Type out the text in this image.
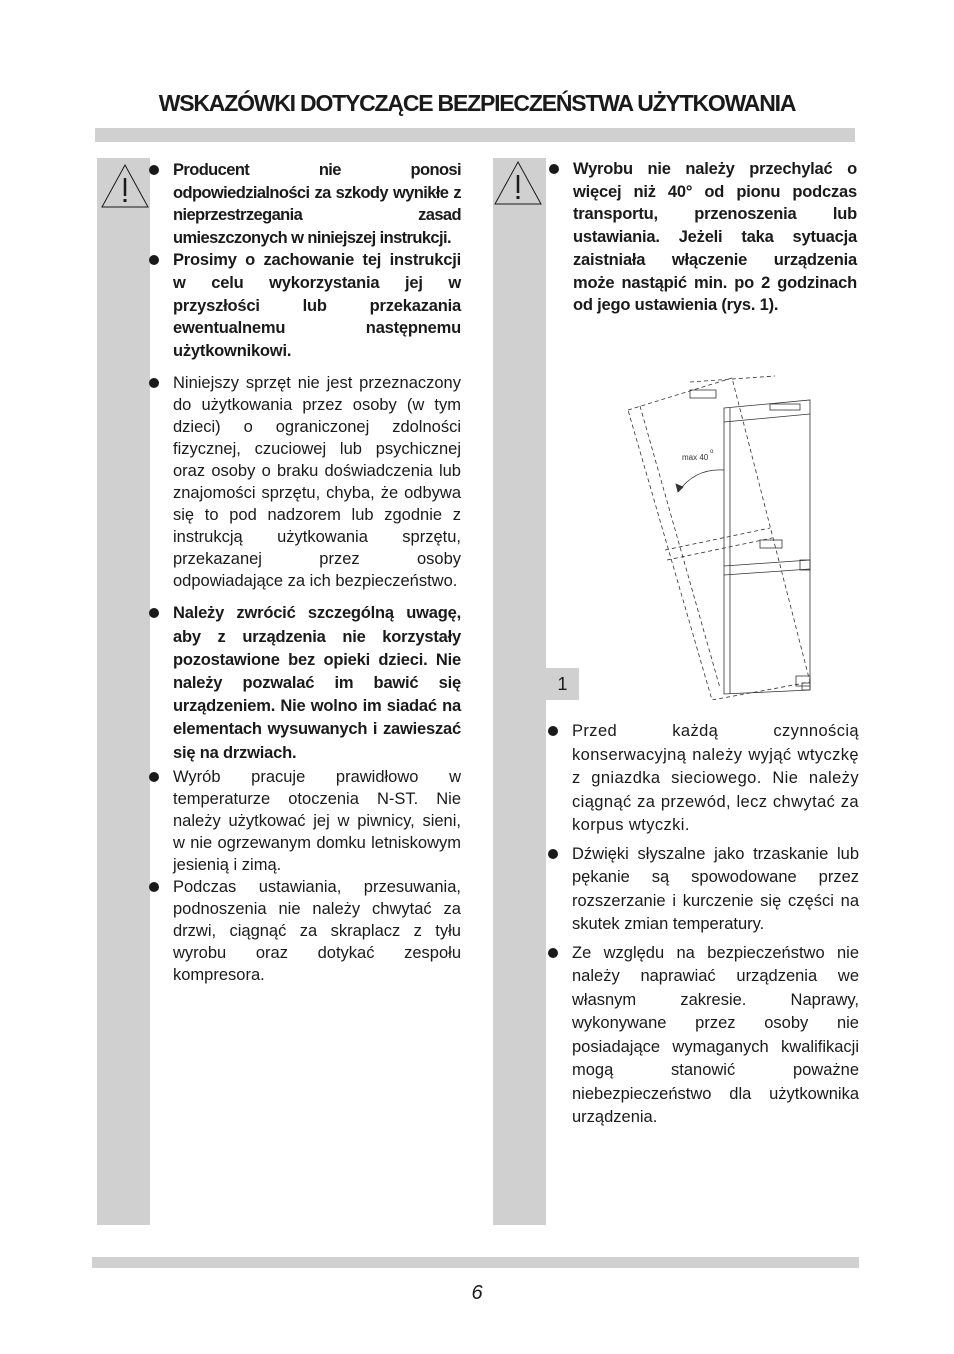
WSKAZÓWKI DOTYCZĄCE BEZPIECZEŃSTWA UŻYTKOWANIA
Producent nie ponosi odpowiedzialności za szkody wynikłe z nieprzestrzegania zasad umieszczonych w niniejszej instrukcji.
Prosimy o zachowanie tej instrukcji w celu wykorzystania jej w przyszłości lub przekazania ewentualnemu następnemu użytkownikowi.
Niniejszy sprzęt nie jest przeznaczony do użytkowania przez osoby (w tym dzieci) o ograniczonej zdolności fizycznej, czuciowej lub psychicznej oraz osoby o braku doświadczenia lub znajomości sprzętu, chyba, że odbywa się to pod nadzorem lub zgodnie z instrukcją użytkowania sprzętu, przekazanej przez osoby odpowiadające za ich bezpieczeństwo.
Należy zwrócić szczególną uwagę, aby z urządzenia nie korzystały pozostawione bez opieki dzieci. Nie należy pozwalać im bawić się urządzeniem. Nie wolno im siadać na elementach wysuwanych i zawieszać się na drzwiach.
Wyrób pracuje prawidłowo w temperaturze otoczenia N-ST. Nie należy użytkować jej w piwnicy, sieni, w nie ogrzewanym domku letniskowym jesienią i zimą.
Podczas ustawiania, przesuwania, podnoszenia nie należy chwytać za drzwi, ciągnąć za skraplacz z tyłu wyrobu oraz dotykać zespołu kompresora.
Wyrobu nie należy przechylać o więcej niż 40° od pionu podczas transportu, przenoszenia lub ustawiania. Jeżeli taka sytuacja zaistniała włączenie urządzenia może nastąpić min. po 2 godzinach od jego ustawienia (rys. 1).
max 40
o
1
Przed każdą czynnością konserwacyjną należy wyjąć wtyczkę z gniazdka sieciowego. Nie należy ciągnąć za przewód, lecz chwytać za korpus wtyczki.
Dźwięki słyszalne jako trzaskanie lub pękanie są spowodowane przez rozszerzanie i kurczenie się części na skutek zmian temperatury.
Ze względu na bezpieczeństwo nie należy naprawiać urządzenia we własnym zakresie. Naprawy, wykonywane przez osoby nie posiadające wymaganych kwalifikacji mogą stanowić poważne niebezpieczeństwo dla użytkownika urządzenia.
6
